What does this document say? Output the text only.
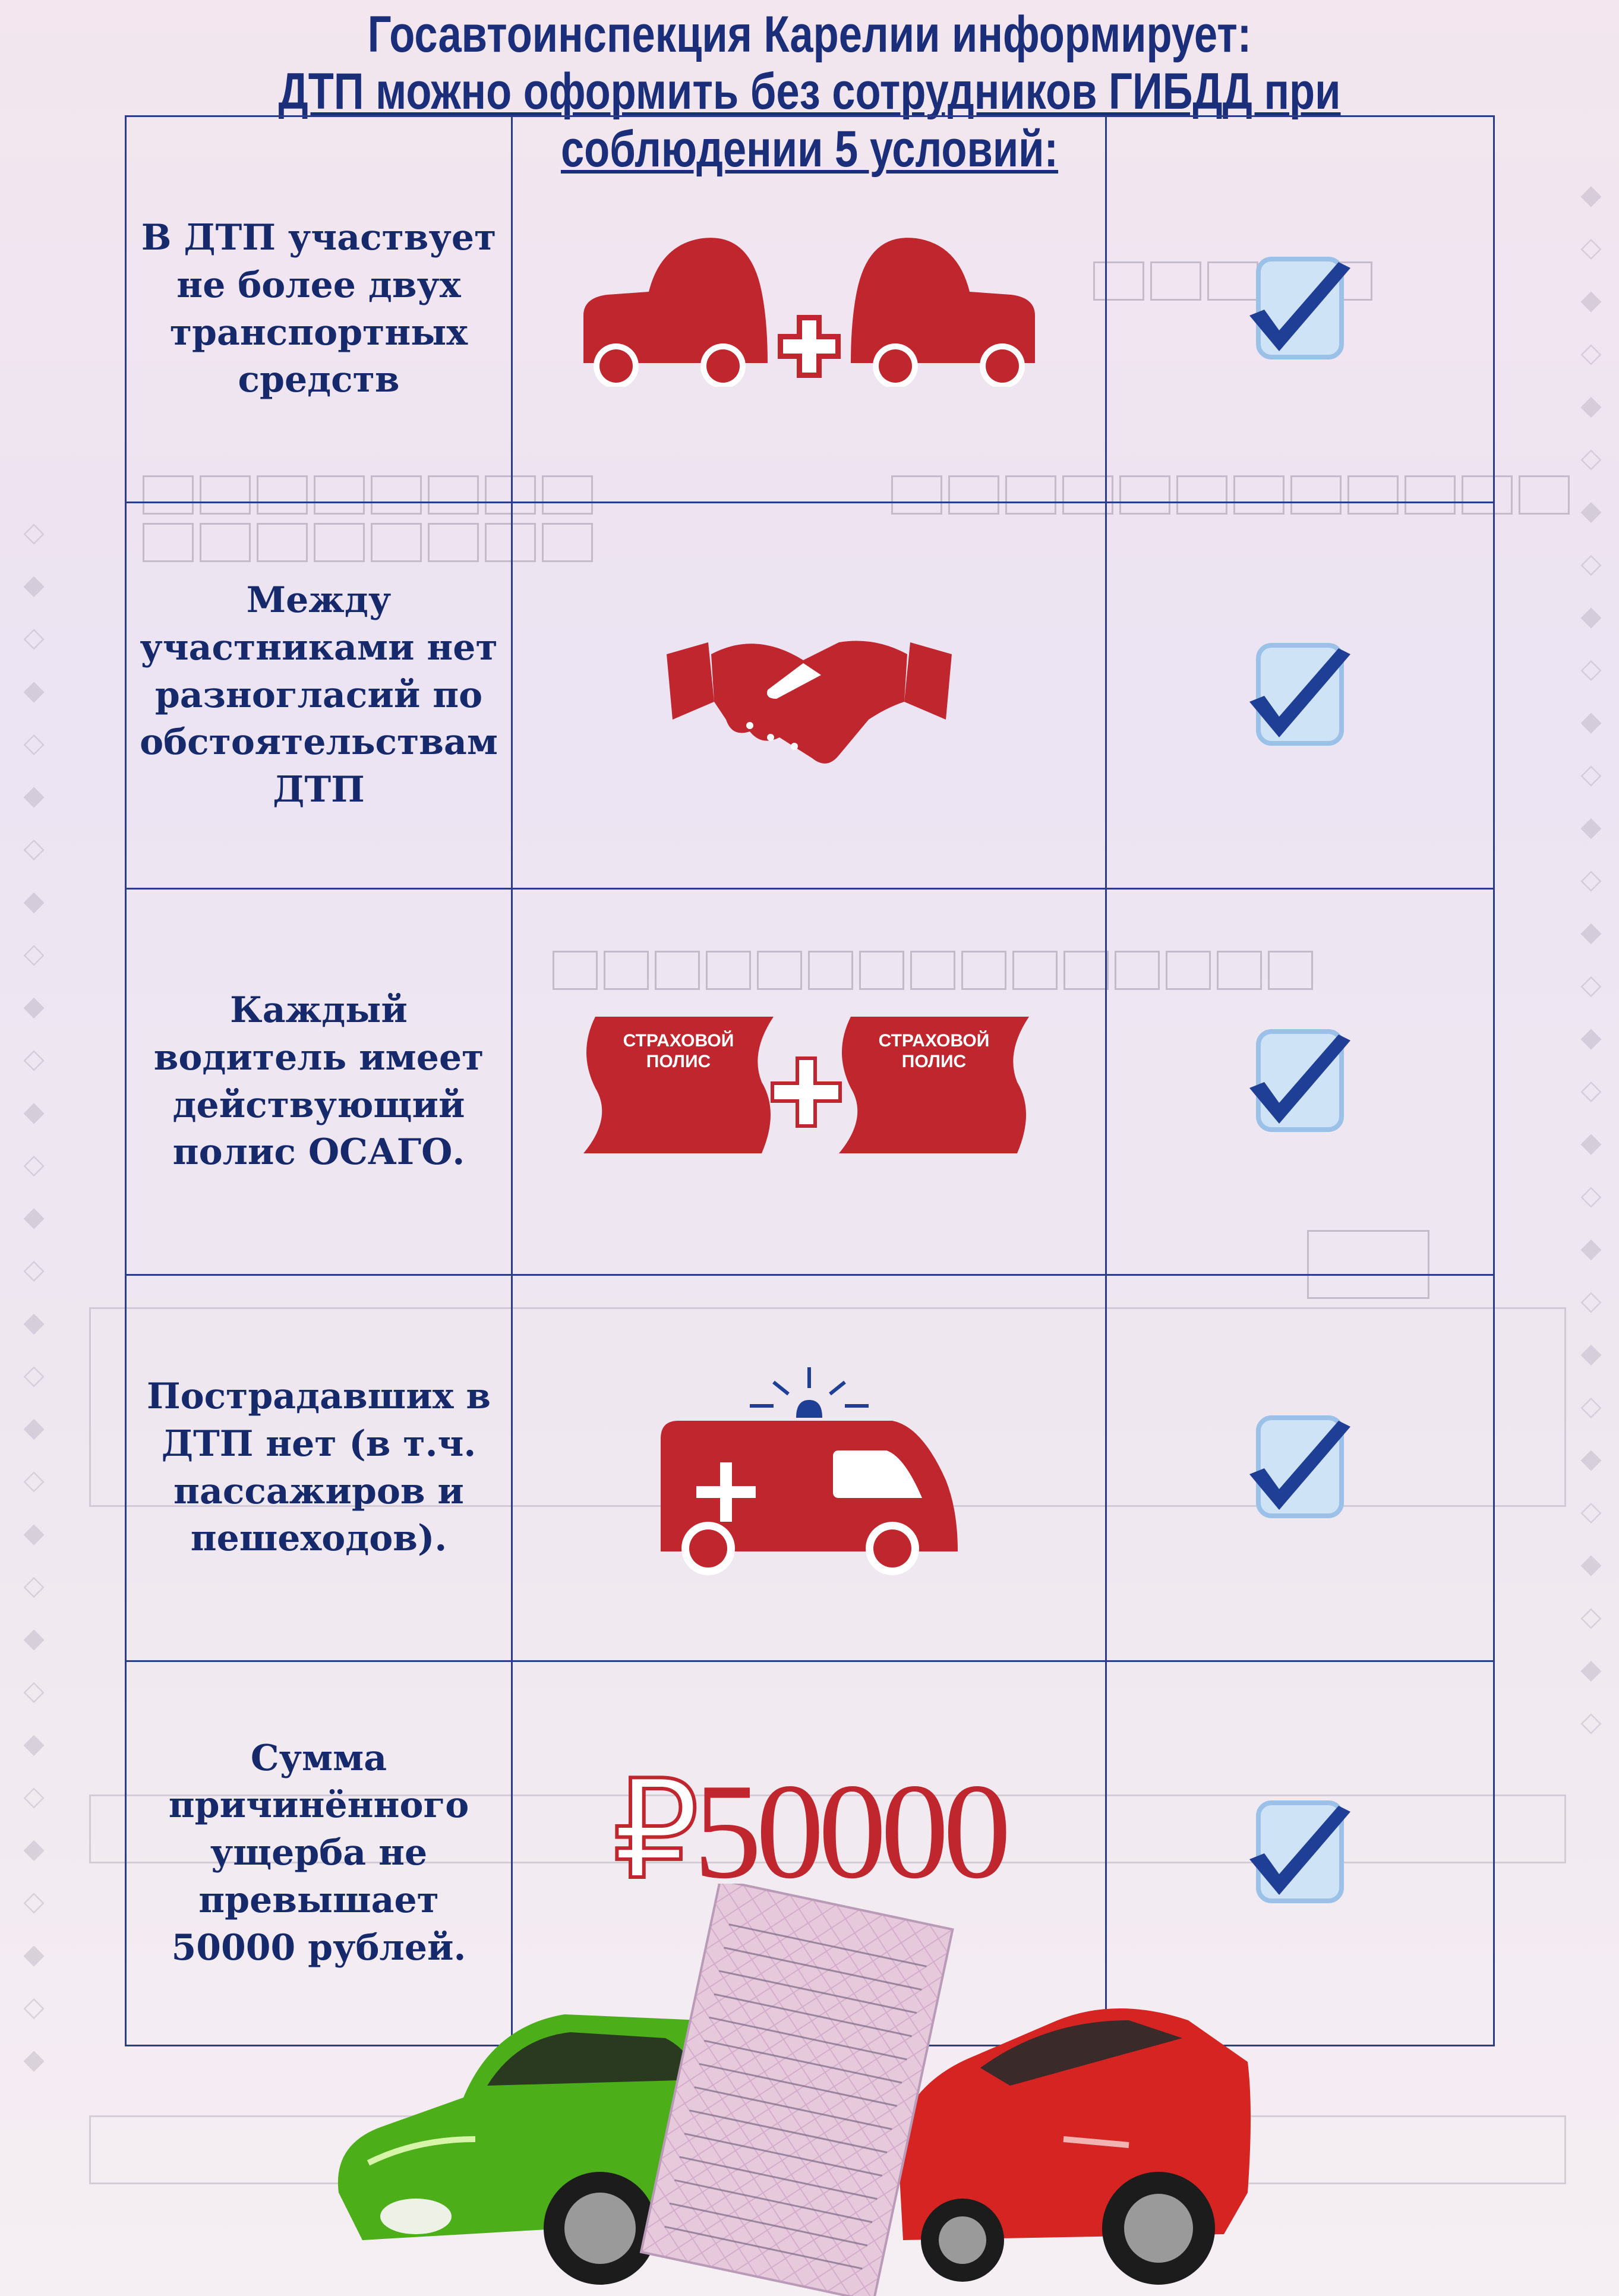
◆ ◇ ◆ ◇ ◆ ◇ ◆ ◇ ◆ ◇ ◆ ◇ ◆ ◇ ◆ ◇ ◆ ◇ ◆ ◇ ◆ ◇ ◆ ◇ ◆ ◇ ◆ ◇ ◆ ◇	◆ ◇ ◆ ◇ ◆ ◇ ◆ ◇ ◆ ◇ ◆ ◇ ◆ ◇ ◆ ◇ ◆ ◇ ◆ ◇ ◆ ◇ ◆ ◇ ◆ ◇ ◆ ◇ ◆ ◇
Госавтоинспекция Карелии информирует:
ДТП можно оформить без сотрудников ГИБДД при соблюдении 5 условий:
В ДТП участвует не более двух транспортных средств
Между участниками нет разногласий по обстоятельствам ДТП
Каждый водитель имеет действующий полис ОСАГО.
СТРАХОВОЙ
ПОЛИС
СТРАХОВОЙ
ПОЛИС
Пострадавших в ДТП нет (в т.ч. пассажиров и пешеходов).
Сумма причинённого ущерба не превышает 50000 рублей.
₽50000
